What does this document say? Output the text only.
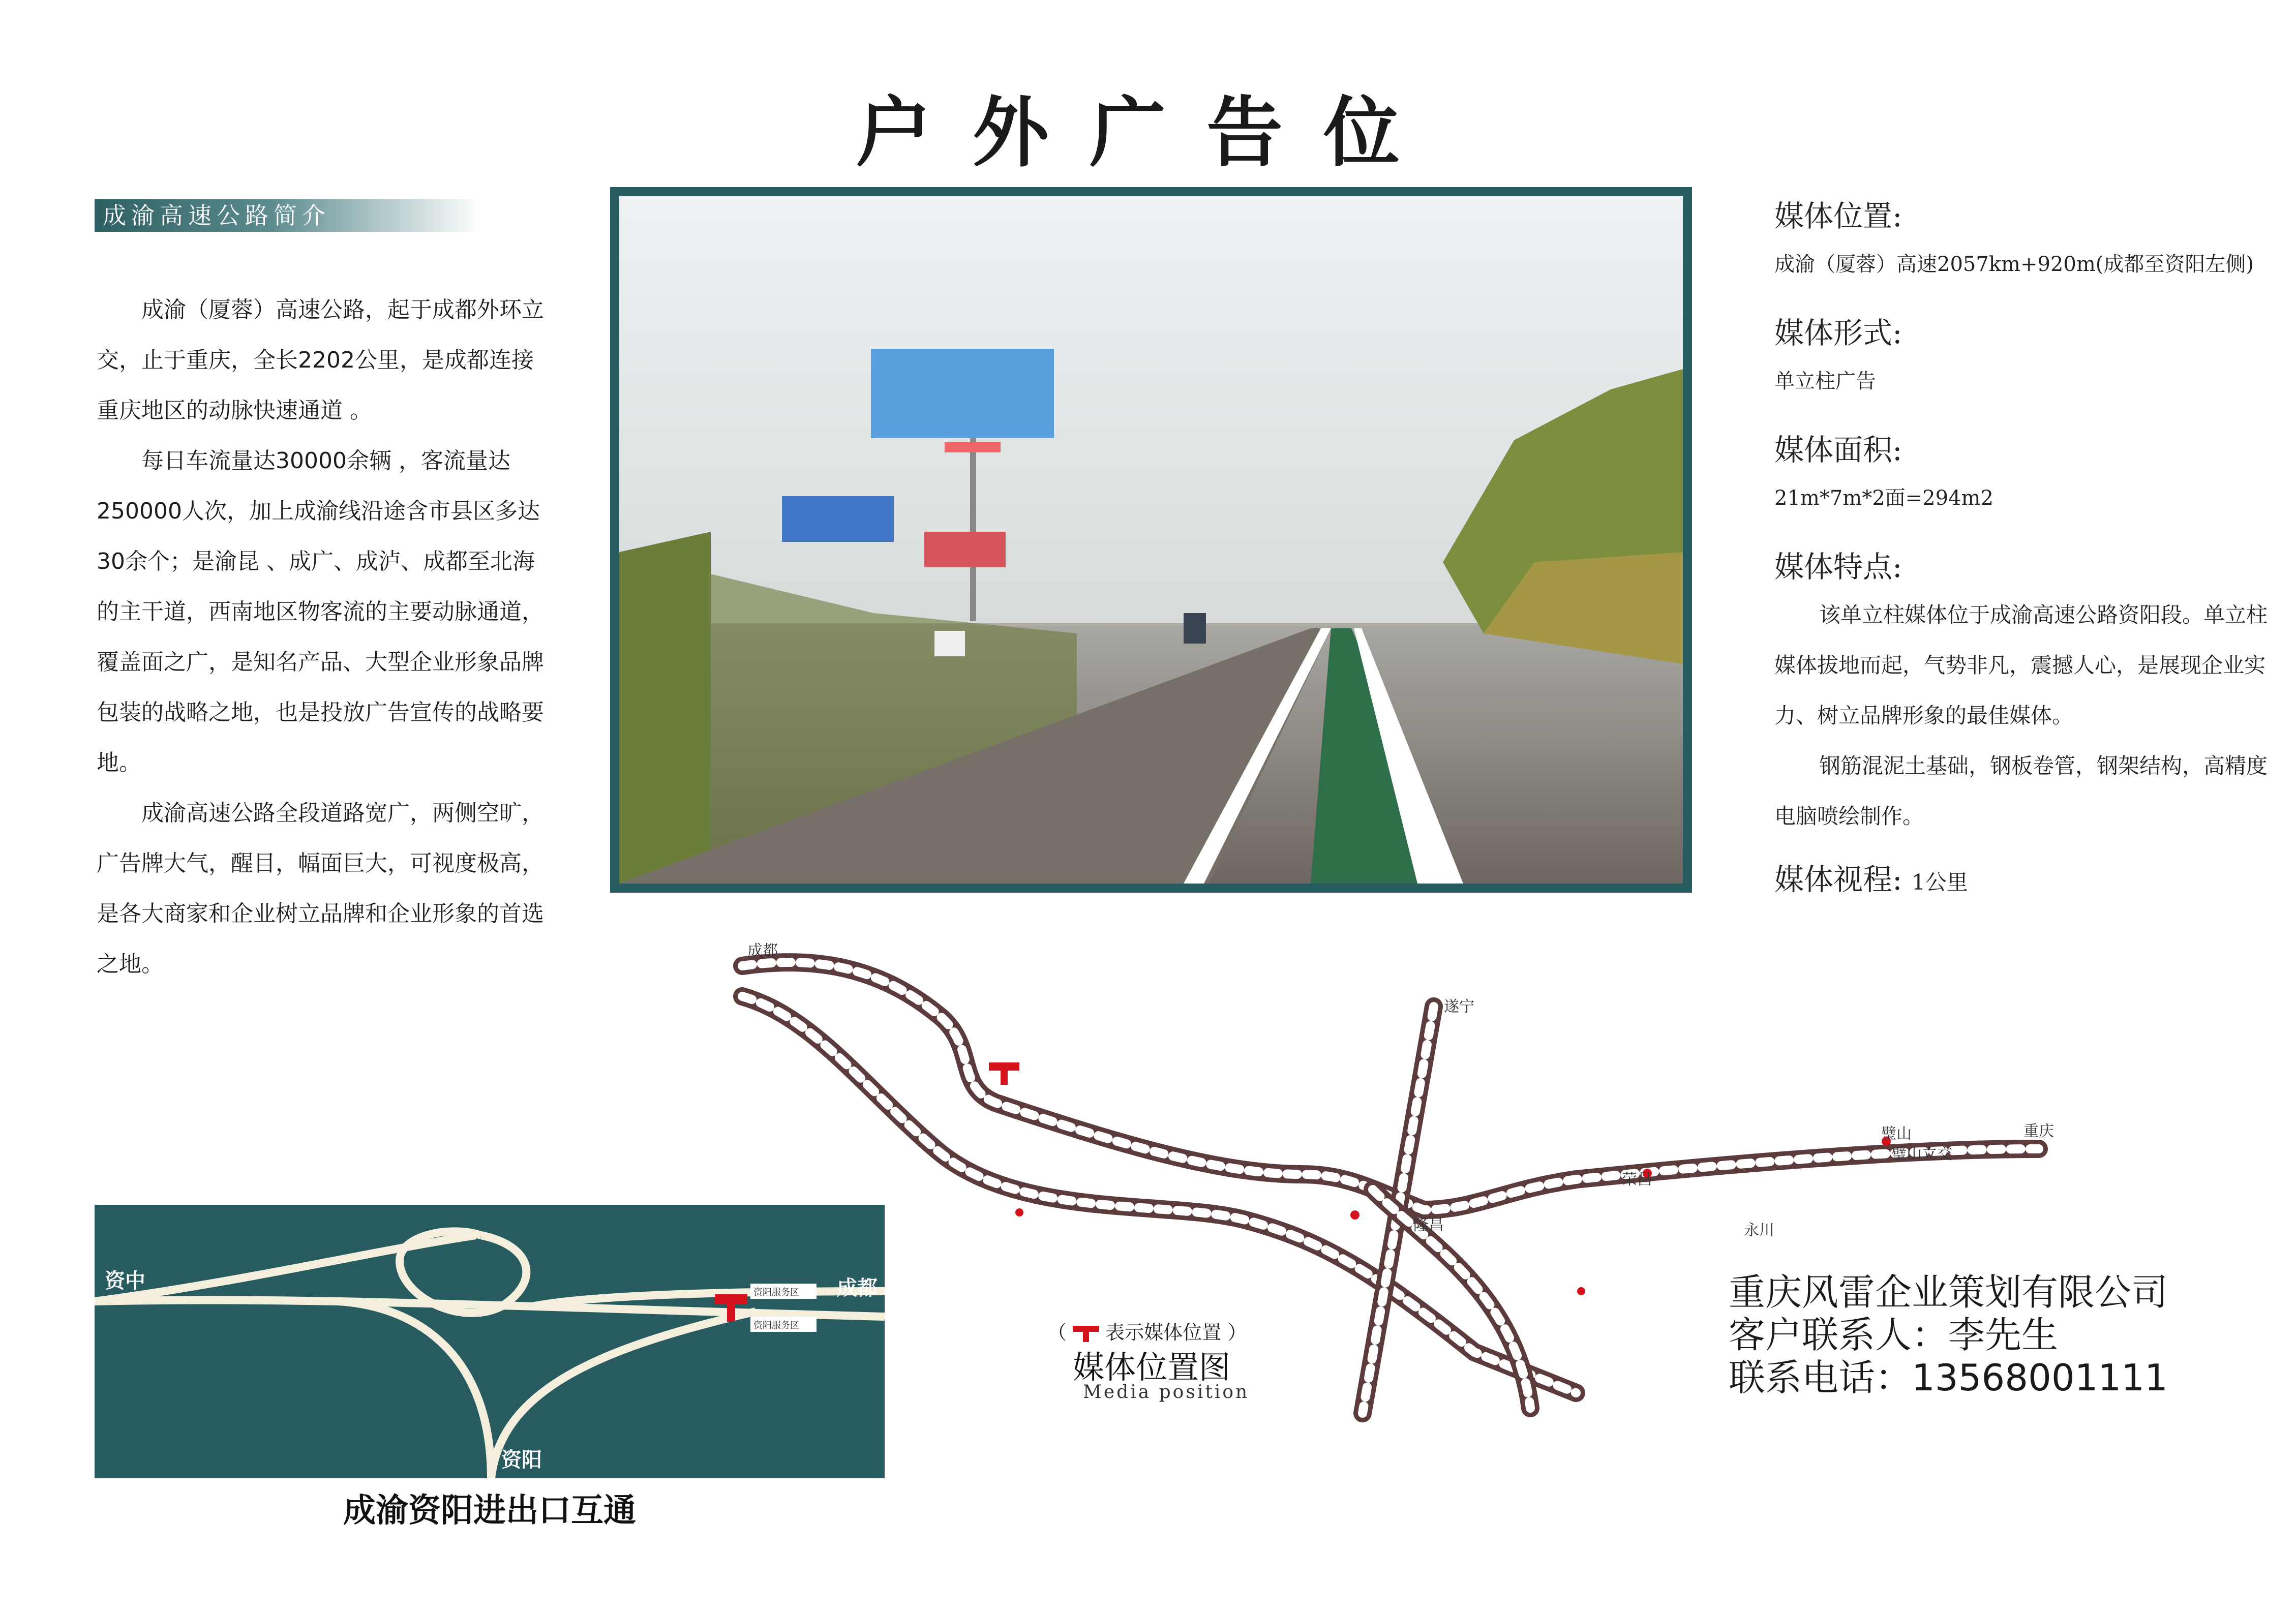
户外广告位
成渝高速公路简介

成渝（厦蓉）高速公路，起于成都外环立交，止于重庆，全长2202公里，是成都连接重庆地区的动脉快速通道 。

每日车流量达30000余辆 ，客流量达250000人次，加上成渝线沿途含市县区多达30余个；是渝昆 、成广、成泸、成都至北海的主干道，西南地区物客流的主要动脉通道，覆盖面之广，是知名产品、大型企业形象品牌包装的战略之地，也是投放广告宣传的战略要地。

成渝高速公路全段道路宽广，两侧空旷，广告牌大气，醒目，幅面巨大，可视度极高，是各大商家和企业树立品牌和企业形象的首选之地。

媒体位置:

成渝（厦蓉）高速2057km+920m(成都至资阳左侧)

媒体形式:

单立柱广告

媒体面积:

21m*7m*2面=294m2

媒体特点:

该单立柱媒体位于成渝高速公路资阳段。单立柱媒体拔地而起，气势非凡，震撼人心，是展现企业实力、树立品牌形象的最佳媒体。

钢筋混泥土基础，钢板卷管，钢架结构，高精度电脑喷绘制作。

媒体视程: 1公里
成都
荣昌
璧山
璧山立交
重庆
永川
遂宁
隆昌
（ 表示媒体位置 ）
媒体位置图
Media position
重庆风雷企业策划有限公司
客户联系人：李先生
联系电话：13568001111
资中	成都
资阳
资阳服务区
资阳服务区
成渝资阳进出口互通
